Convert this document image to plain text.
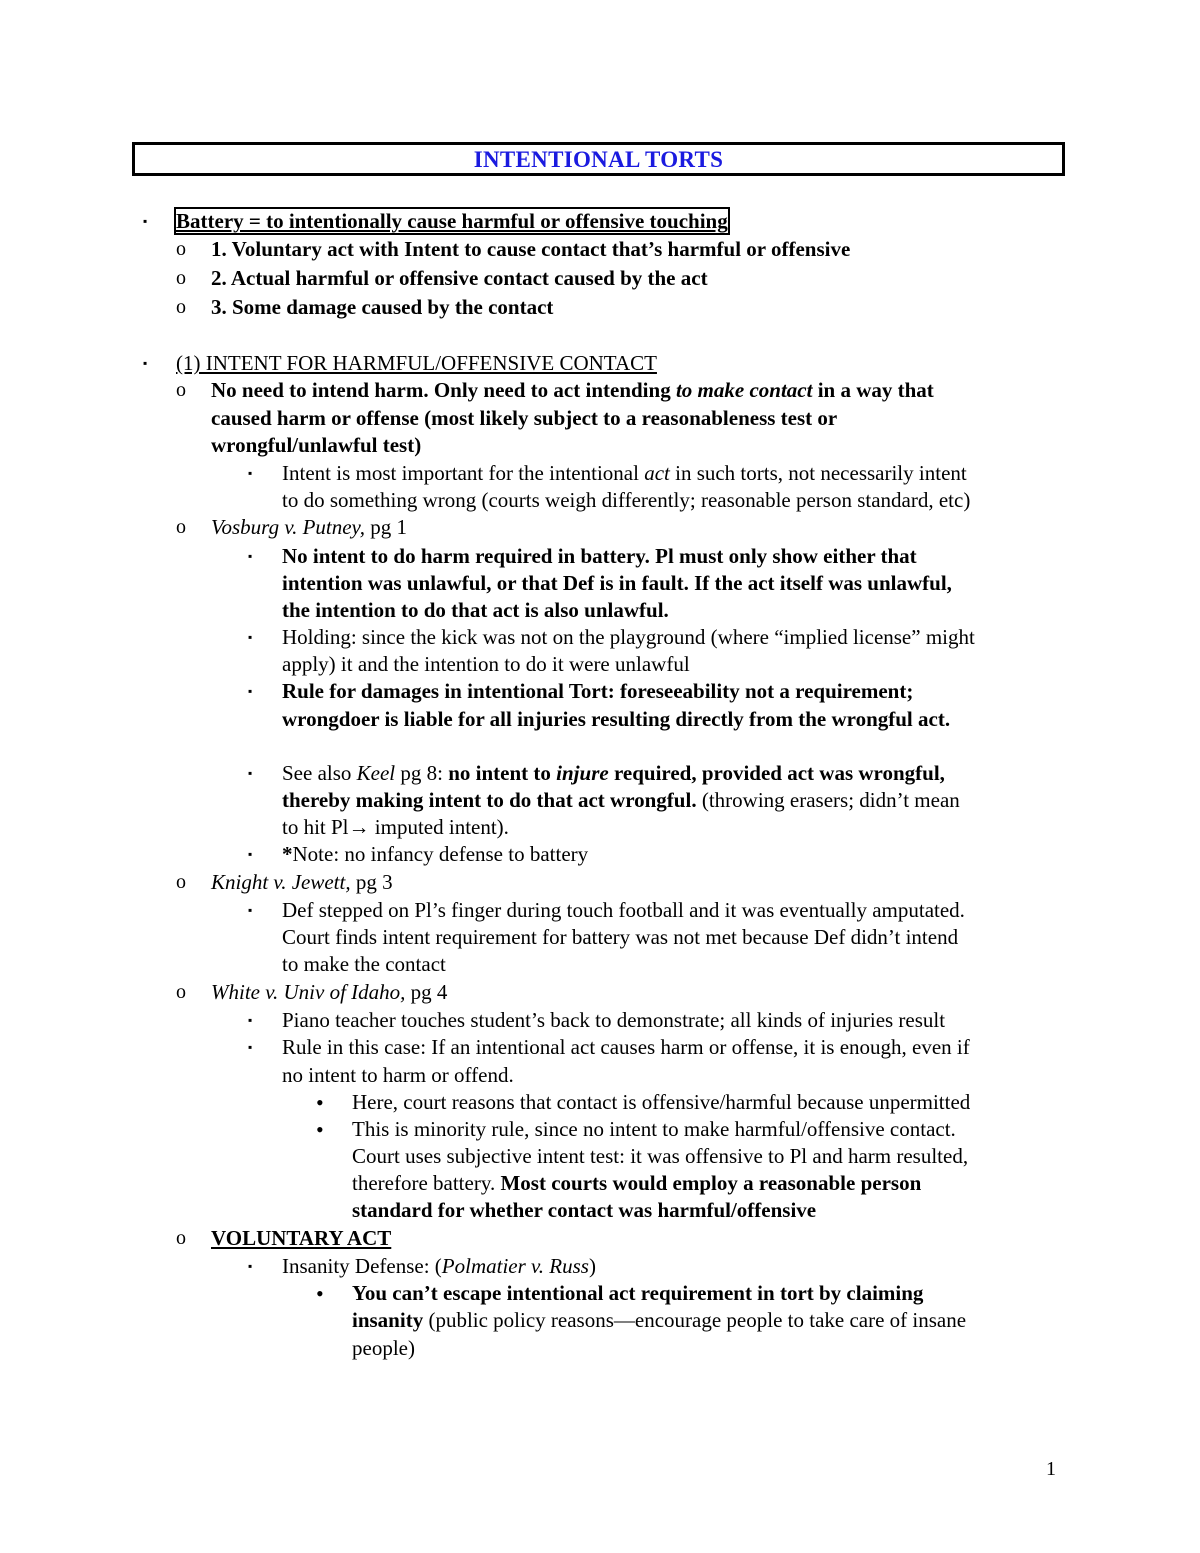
INTENTIONAL TORTS
▪ Battery = to intentionally cause harmful or offensive touching
o 1. Voluntary act with Intent to cause contact that’s harmful or offensive
o 2. Actual harmful or offensive contact caused by the act
o 3. Some damage caused by the contact
▪ (1) INTENT FOR HARMFUL/OFFENSIVE CONTACT
o No need to intend harm. Only need to act intending to make contact in a way that
caused harm or offense (most likely subject to a reasonableness test or
wrongful/unlawful test)
▪ Intent is most important for the intentional act in such torts, not necessarily intent
to do something wrong (courts weigh differently; reasonable person standard, etc)
o Vosburg v. Putney, pg 1
▪ No intent to do harm required in battery. Pl must only show either that
intention was unlawful, or that Def is in fault. If the act itself was unlawful,
the intention to do that act is also unlawful.
▪ Holding: since the kick was not on the playground (where “implied license” might
apply) it and the intention to do it were unlawful
▪ Rule for damages in intentional Tort: foreseeability not a requirement;
wrongdoer is liable for all injuries resulting directly from the wrongful act.
▪ See also Keel pg 8: no intent to injure required, provided act was wrongful,
thereby making intent to do that act wrongful. (throwing erasers; didn’t mean
to hit Pl→ imputed intent).
▪ *Note: no infancy defense to battery
o Knight v. Jewett, pg 3
▪ Def stepped on Pl’s finger during touch football and it was eventually amputated.
Court finds intent requirement for battery was not met because Def didn’t intend
to make the contact
o White v. Univ of Idaho, pg 4
▪ Piano teacher touches student’s back to demonstrate; all kinds of injuries result
▪ Rule in this case: If an intentional act causes harm or offense, it is enough, even if
no intent to harm or offend.
• Here, court reasons that contact is offensive/harmful because unpermitted
• This is minority rule, since no intent to make harmful/offensive contact.
Court uses subjective intent test: it was offensive to Pl and harm resulted,
therefore battery. Most courts would employ a reasonable person
standard for whether contact was harmful/offensive
o VOLUNTARY ACT
▪ Insanity Defense: (Polmatier v. Russ)
• You can’t escape intentional act requirement in tort by claiming
insanity (public policy reasons—encourage people to take care of insane
people)
1
